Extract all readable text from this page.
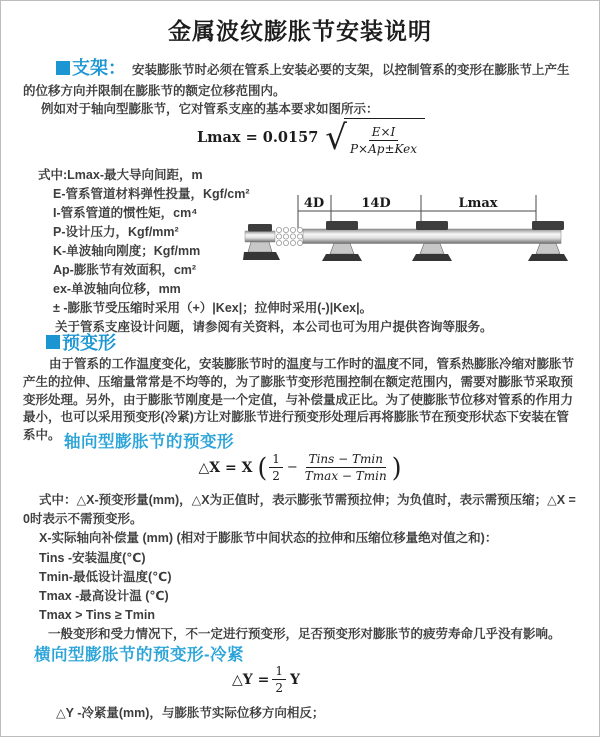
金属波纹膨胀节安装说明

支架： 安装膨胀节时必须在管系上安装必要的支架，以控制管系的变形在膨胀节上产生的位移方向并限制在膨胀节的额定位移范围内。

例如对于轴向型膨胀节，它对管系支座的基本要求如图所示：

Lmax = 0.0157 √ $\frac{E\times I}{\text{P×Ap±Kex}}$
式中:Lmax-最大导向间距，m
E-管系管道材料弹性投量，Kgf/cm²
I-管系管道的惯性矩，cm⁴
P-设计压力，Kgf/mm²
K-单波轴向刚度；Kgf/mm
Ap-膨胀节有效面积，cm²
ex-单波轴向位移，mm
± -膨胀节受压缩时采用（+）|Kex|；拉伸时采用(-)|Kex|。
关于管系支座设计问题，请参阅有关资料，本公司也可为用户提供咨询等服务。
4D	14D	Lmax
预变形

由于管系的工作温度变化，安装膨胀节时的温度与工作时的温度不同，管系热膨胀冷缩对膨胀节产生的拉伸、压缩量常常是不均等的，为了膨胀节变形范围控制在额定范围内，需要对膨胀节采取预变形处理。另外，由于膨胀节刚度是一个定值，与补偿量成正比。为了使膨胀节位移对管系的作用力最小，也可以采用预变形(冷紧)方让对膨胀节进行预变形处理后再将膨胀节在预变形状态下安装在管系中。 轴向型膨胀节的预变形
△X = X ( $\frac{1}{2} - \frac{\text{Tins − Tmin}}{Tmax - Tmin}$ )
式中：△X-预变形量(mm)，△X为正值时，表示膨张节需预拉伸；为负值时，表示需预压缩；△X = 0时表示不需预变形。
X-实际轴向补偿量 (mm) (相对于膨胀节中间状态的拉伸和压缩位移量绝对值之和)：
Tins -安装温度(℃)
Tmin-最低设计温度(℃)
Tmax -最高设计温 (℃)
Tmax > Tins ≥ Tmin
一般变形和受力情况下，不一定进行预变形，足否预变形对膨胀节的疲劳寿命几乎没有影响。
横向型膨胀节的预变形-冷紧
△Y = $\frac{1}{2}$ Y
△Y -冷紧量(mm)，与膨胀节实际位移方向相反；
